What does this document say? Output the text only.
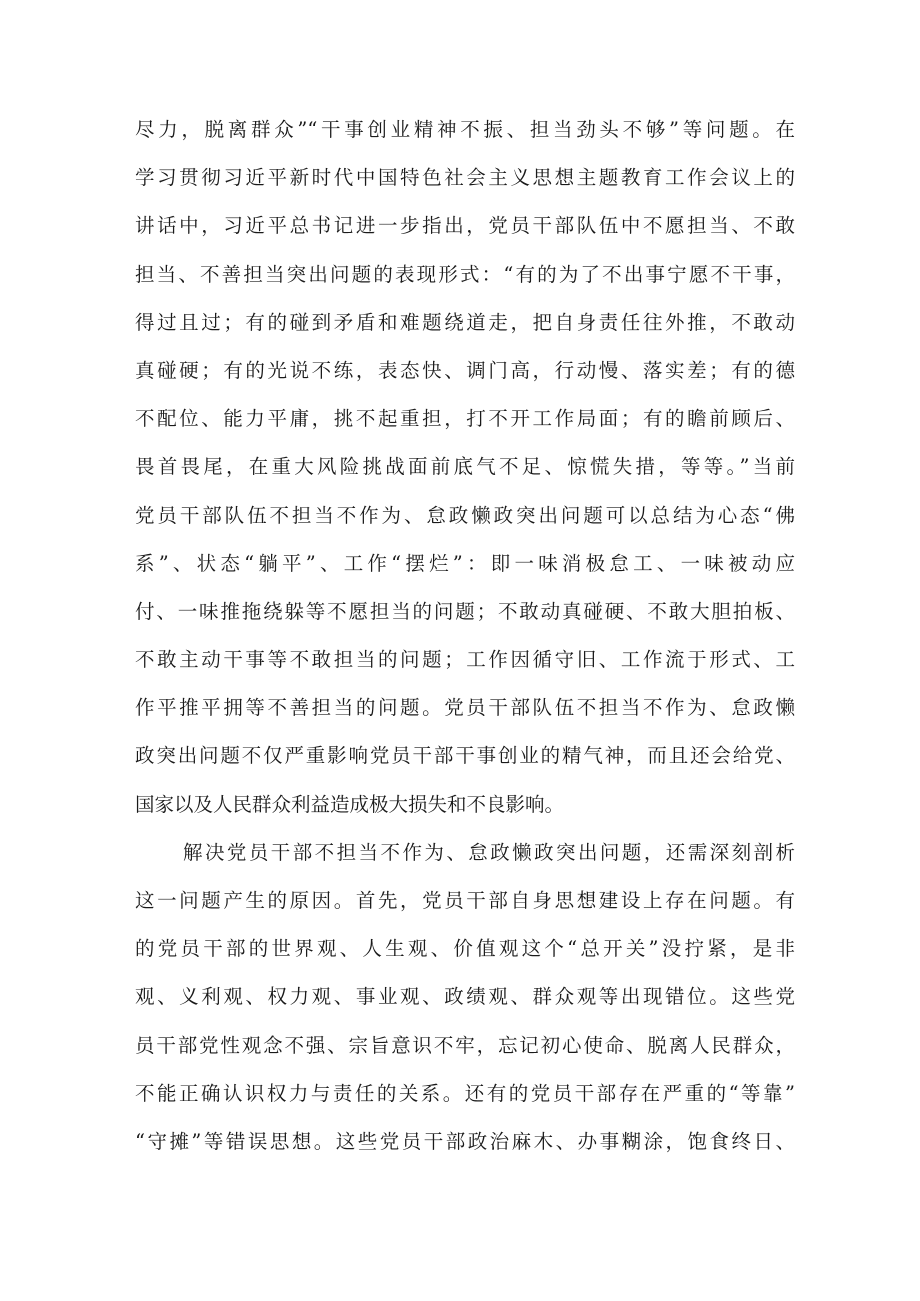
尽力，脱离群众”“干事创业精神不振、担当劲头不够”等问题。在
学习贯彻习近平新时代中国特色社会主义思想主题教育工作会议上的
讲话中，习近平总书记进一步指出，党员干部队伍中不愿担当、不敢
担当、不善担当突出问题的表现形式：“有的为了不出事宁愿不干事，
得过且过；有的碰到矛盾和难题绕道走，把自身责任往外推，不敢动
真碰硬；有的光说不练，表态快、调门高，行动慢、落实差；有的德
不配位、能力平庸，挑不起重担，打不开工作局面；有的瞻前顾后、
畏首畏尾，在重大风险挑战面前底气不足、惊慌失措，等等。”当前
党员干部队伍不担当不作为、怠政懒政突出问题可以总结为心态“佛
系”、状态“躺平”、工作“摆烂”：即一味消极怠工、一味被动应
付、一味推拖绕躲等不愿担当的问题；不敢动真碰硬、不敢大胆拍板、
不敢主动干事等不敢担当的问题；工作因循守旧、工作流于形式、工
作平推平拥等不善担当的问题。党员干部队伍不担当不作为、怠政懒
政突出问题不仅严重影响党员干部干事创业的精气神，而且还会给党、
国家以及人民群众利益造成极大损失和不良影响。
解决党员干部不担当不作为、怠政懒政突出问题，还需深刻剖析
这一问题产生的原因。首先，党员干部自身思想建设上存在问题。有
的党员干部的世界观、人生观、价值观这个“总开关”没拧紧，是非
观、义利观、权力观、事业观、政绩观、群众观等出现错位。这些党
员干部党性观念不强、宗旨意识不牢，忘记初心使命、脱离人民群众，
不能正确认识权力与责任的关系。还有的党员干部存在严重的“等靠”
“守摊”等错误思想。这些党员干部政治麻木、办事糊涂，饱食终日、
